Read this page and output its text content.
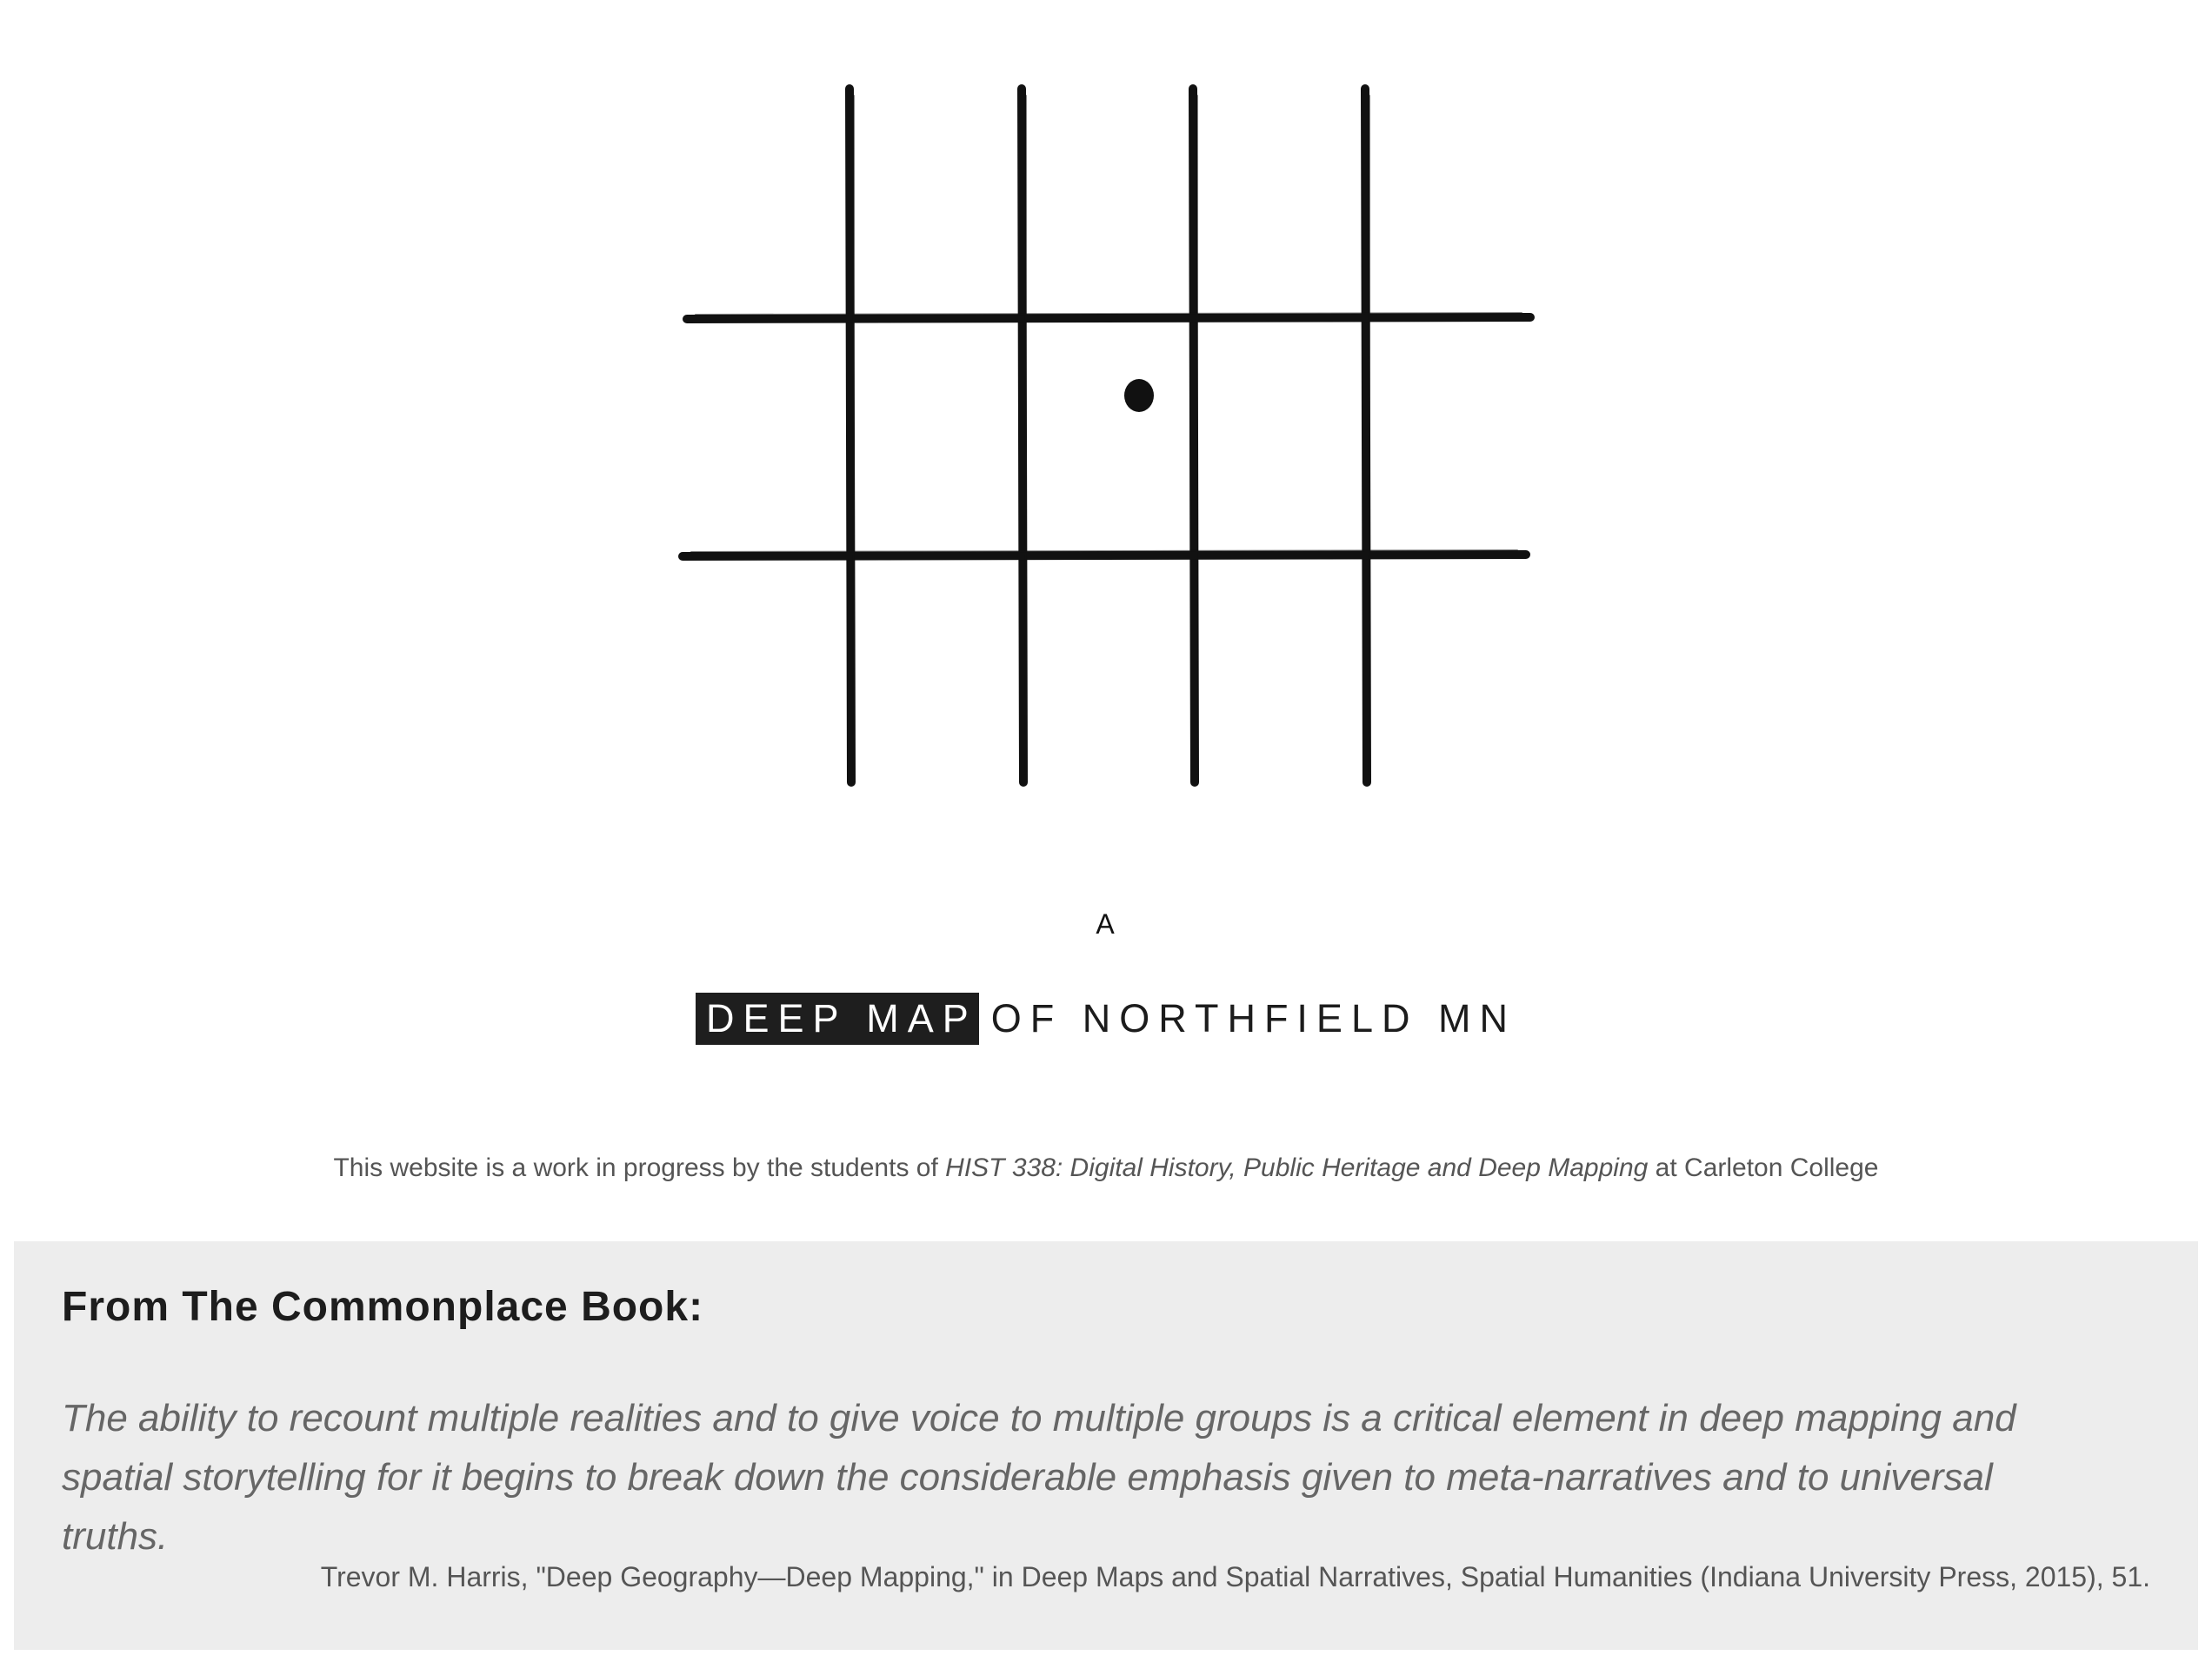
A
DEEP MAP OF NORTHFIELD MN
This website is a work in progress by the students of HIST 338: Digital History, Public Heritage and Deep Mapping at Carleton College
From The Commonplace Book:

The ability to recount multiple realities and to give voice to multiple groups is a critical element in deep mapping and spatial storytelling for it begins to break down the considerable emphasis given to meta-narratives and to universal truths.

Trevor M. Harris, "Deep Geography—Deep Mapping," in Deep Maps and Spatial Narratives, Spatial Humanities (Indiana University Press, 2015), 51.
